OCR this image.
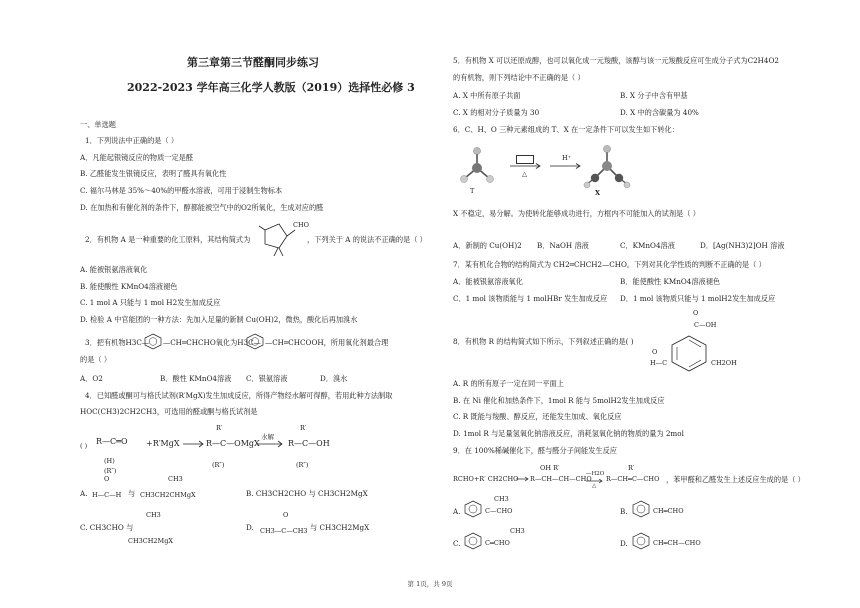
第三章第三节醛酮同步练习
2022-2023 学年高三化学人教版（2019）选择性必修 3
一、单选题
1．下列说法中正确的是（ ）
A．凡能起银镜反应的物质一定是醛
B. 乙醛能发生银镜反应，表明了醛具有氧化性
C. 福尔马林是 35%～40%的甲醛水溶液，可用于浸制生物标本
D. 在加热和有催化剂的条件下，醇都能被空气中的O2所氧化，生成对应的醛
2．有机物 A 是一种重要的化工原料，其结构简式为
CHO
，下列关于 A 的说法不正确的是（ ）
A. 能被银氨溶液氧化
B. 能使酸性 KMnO4溶液褪色
C. 1 mol A 只能与 1 mol H2发生加成反应
D. 检验 A 中官能团的一种方法：先加入足量的新制 Cu(OH)2，微热，酸化后再加溴水
3．把有机物H3C— —CH═CHCHO氧化为H3C— —CH═CHCOOH，所用氧化剂最合理
的是（ ）
A．O2	B．酸性 KMnO4溶液 C．银氨溶液	D．溴水
4．已知醛或酮可与格氏试剂(R′MgX)发生加成反应，所得产物经水解可得醇，若用此种方法制取
HOC(CH3)2CH2CH3，可选用的醛或酮与格氏试剂是
( ) R—C═O
(H)
(R″)
+R′MgX
R′
R—C—OMgX
(R″)
水解
R′
R—C—OH
(R″)
A.
O
H—C—H 与
CH3
CH3CH2CHMgX	B. CH3CH2CHO 与 CH3CH2MgX
C. CH3CHO 与
CH3
CH3CH2MgX
D.
O
CH3—C—CH3 与 CH3CH2MgX
5．有机物 X 可以还原成醇，也可以氧化成一元羧酸，该醇与该一元羧酸反应可生成分子式为C2H4O2
的有机物，则下列结论中不正确的是（ ）
A. X 中所有原子共面	B. X 分子中含有甲基
C. X 的相对分子质量为 30	D. X 中的含碳量为 40%
6．C、H、O 三种元素组成的 T、X 在一定条件下可以发生如下转化：
T
△
H⁺
X
X 不稳定，易分解。为使转化能够成功进行，方框内不可能加入的试剂是（ ）
A．新制的 Cu(OH)2 B．NaOH 溶液	C．KMnO4溶液	D．[Ag(NH3)2]OH 溶液
7．某有机化合物的结构简式为 CH2═CHCH2—CHO。下列对其化学性质的判断不正确的是（ ）
A．能被银氨溶液氧化	B．能使酸性 KMnO4溶液褪色
C．1 mol 该物质能与 1 molHBr 发生加成反应 D．1 mol 该物质只能与 1 molH2发生加成反应
8．有机物 R 的结构简式如下所示，下列叙述正确的是( )
O
C—OH
O
H—C	CH2OH
A. R 的所有原子一定在同一平面上
B. 在 Ni 催化和加热条件下，1mol R 能与 5molH2发生加成反应
C. R 既能与羧酸、醇反应，还能发生加成、氧化反应
D. 1mol R 与足量氢氧化钠溶液反应，消耗氢氧化钠的物质的量为 2mol
9．在 100%稀碱催化下，醛与醛分子间能发生反应
RCHO+R′ CH2CHO
OH R′
R—CH—CH—CHO
—H2O
△
R′
R—CH═C—CHO ，苯甲醛和乙醛发生上述反应生成的是（ ）
A.
CH3
C—CHO	B.	CH═CHO
C.
CH3
C═CHO	D.	CH═CH—CHO
第 1页，共 9页
